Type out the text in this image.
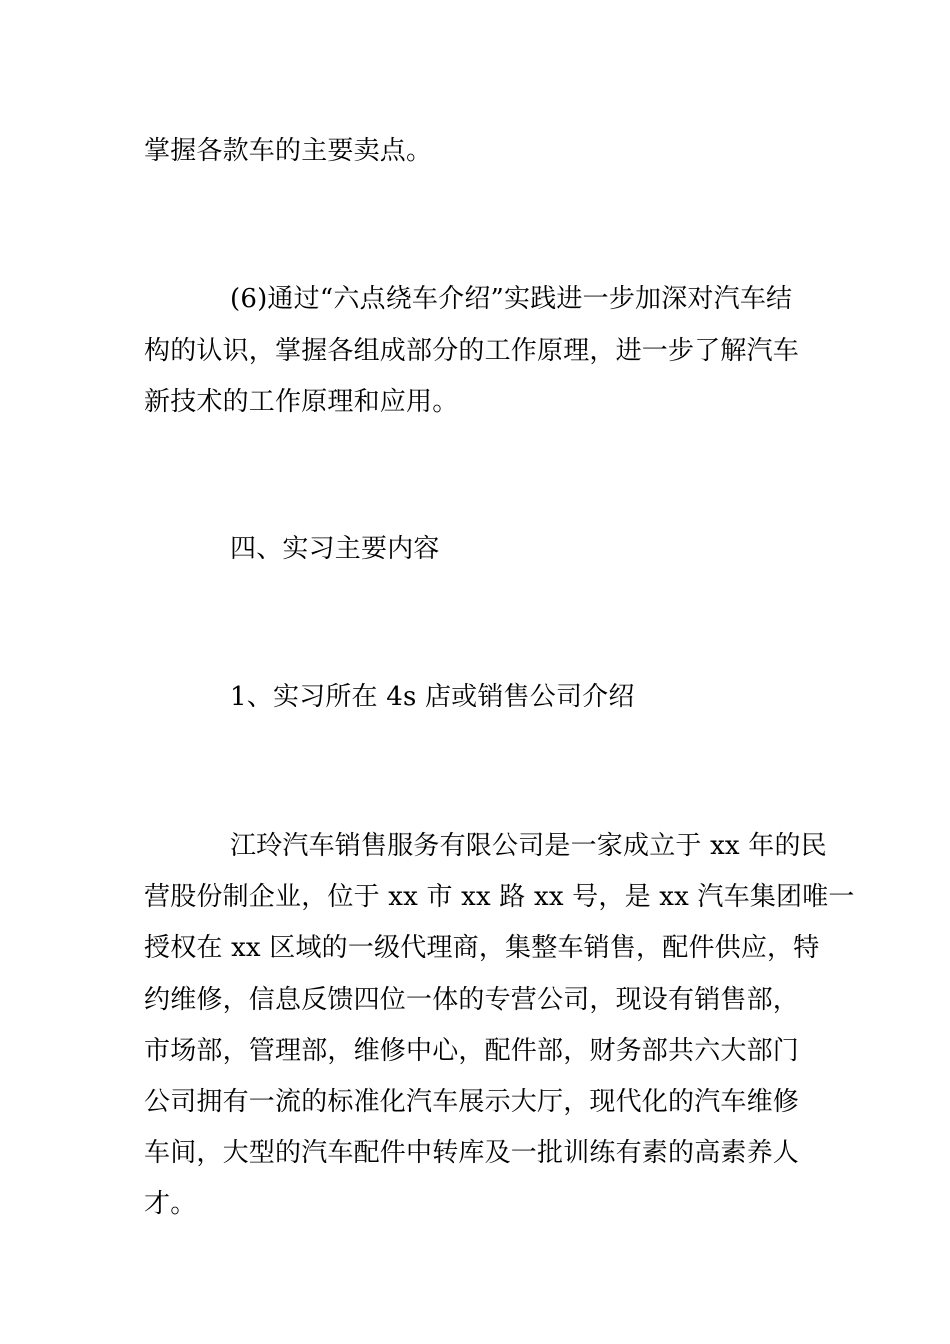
掌握各款车的主要卖点。
(6)通过“六点绕车介绍”实践进一步加深对汽车结
构的认识，掌握各组成部分的工作原理，进一步了解汽车
新技术的工作原理和应用。
四、实习主要内容
1、实习所在 4s 店或销售公司介绍
江玲汽车销售服务有限公司是一家成立于 xx 年的民
营股份制企业，位于 xx 市 xx 路 xx 号，是 xx 汽车集团唯一
授权在 xx 区域的一级代理商，集整车销售，配件供应，特
约维修，信息反馈四位一体的专营公司，现设有销售部，
市场部，管理部，维修中心，配件部，财务部共六大部门
公司拥有一流的标准化汽车展示大厅，现代化的汽车维修
车间，大型的汽车配件中转库及一批训练有素的高素养人
才。
